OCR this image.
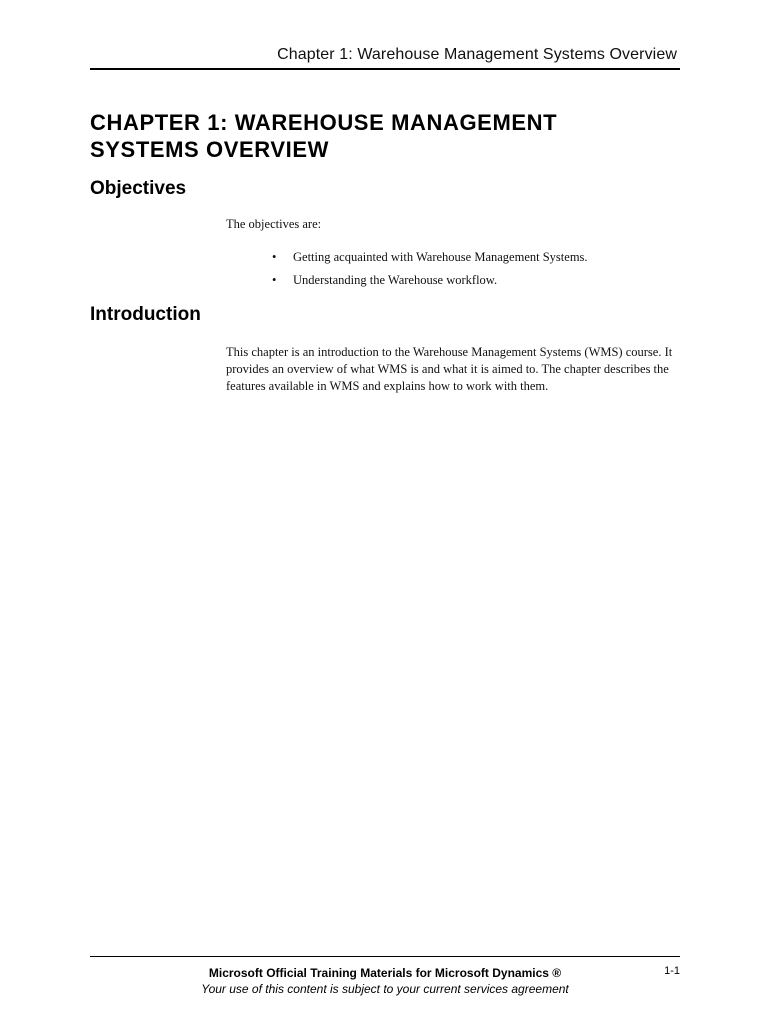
Chapter 1: Warehouse Management Systems Overview
CHAPTER 1: WAREHOUSE MANAGEMENT SYSTEMS OVERVIEW
Objectives

The objectives are:

• Getting acquainted with Warehouse Management Systems.
• Understanding the Warehouse workflow.
Introduction

This chapter is an introduction to the Warehouse Management Systems (WMS) course. It provides an overview of what WMS is and what it is aimed to. The chapter describes the features available in WMS and explains how to work with them.

Microsoft Official Training Materials for Microsoft Dynamics ®

Your use of this content is subject to your current services agreement

1-1
